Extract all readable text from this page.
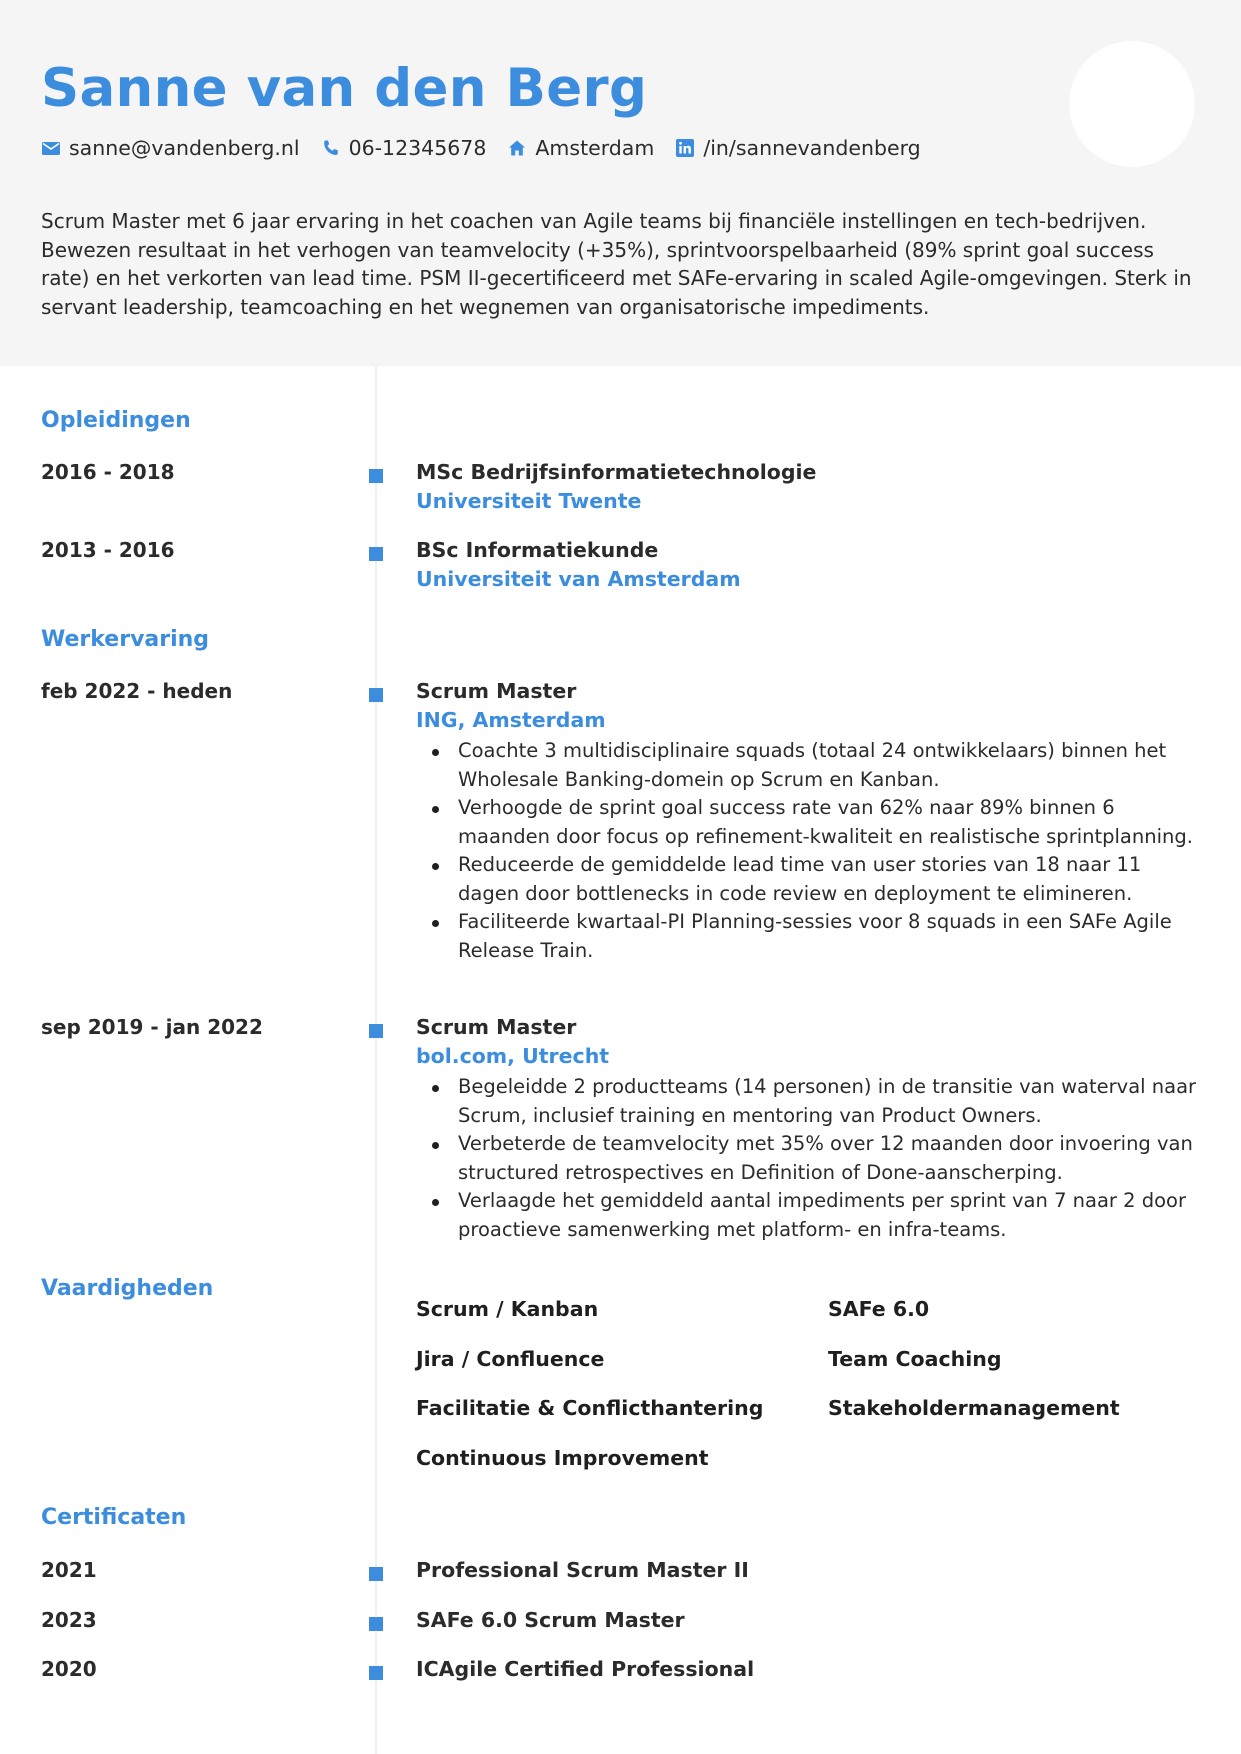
Sanne van den Berg
sanne@vandenberg.nl 06-12345678 Amsterdam /in/sannevandenberg

Scrum Master met 6 jaar ervaring in het coachen van Agile teams bij financiële instellingen en tech-bedrijven. Bewezen resultaat in het verhogen van teamvelocity (+35%), sprintvoorspelbaarheid (89% sprint goal success rate) en het verkorten van lead time. PSM II-gecertificeerd met SAFe-ervaring in scaled Agile-omgevingen. Sterk in servant leadership, teamcoaching en het wegnemen van organisatorische impediments.

Opleidingen
2016 - 2018	MSc Bedrijfsinformatietechnologie
Universiteit Twente
2013 - 2016	BSc Informatiekunde
Universiteit van Amsterdam
Werkervaring
feb 2022 - heden	Scrum Master
ING, Amsterdam
Coachte 3 multidisciplinaire squads (totaal 24 ontwikkelaars) binnen het Wholesale Banking-domein op Scrum en Kanban.
Verhoogde de sprint goal success rate van 62% naar 89% binnen 6 maanden door focus op refinement-kwaliteit en realistische sprintplanning.
Reduceerde de gemiddelde lead time van user stories van 18 naar 11 dagen door bottlenecks in code review en deployment te elimineren.
Faciliteerde kwartaal-PI Planning-sessies voor 8 squads in een SAFe Agile Release Train.
sep 2019 - jan 2022	Scrum Master
bol.com, Utrecht
Begeleidde 2 productteams (14 personen) in de transitie van waterval naar Scrum, inclusief training en mentoring van Product Owners.
Verbeterde de teamvelocity met 35% over 12 maanden door invoering van structured retrospectives en Definition of Done-aanscherping.
Verlaagde het gemiddeld aantal impediments per sprint van 7 naar 2 door proactieve samenwerking met platform- en infra-teams.
Vaardigheden
Scrum / Kanban	SAFe 6.0
Jira / Confluence	Team Coaching
Facilitatie & Conflicthantering	Stakeholdermanagement
Continuous Improvement
Certificaten
2021	Professional Scrum Master II
2023	SAFe 6.0 Scrum Master
2020	ICAgile Certified Professional
